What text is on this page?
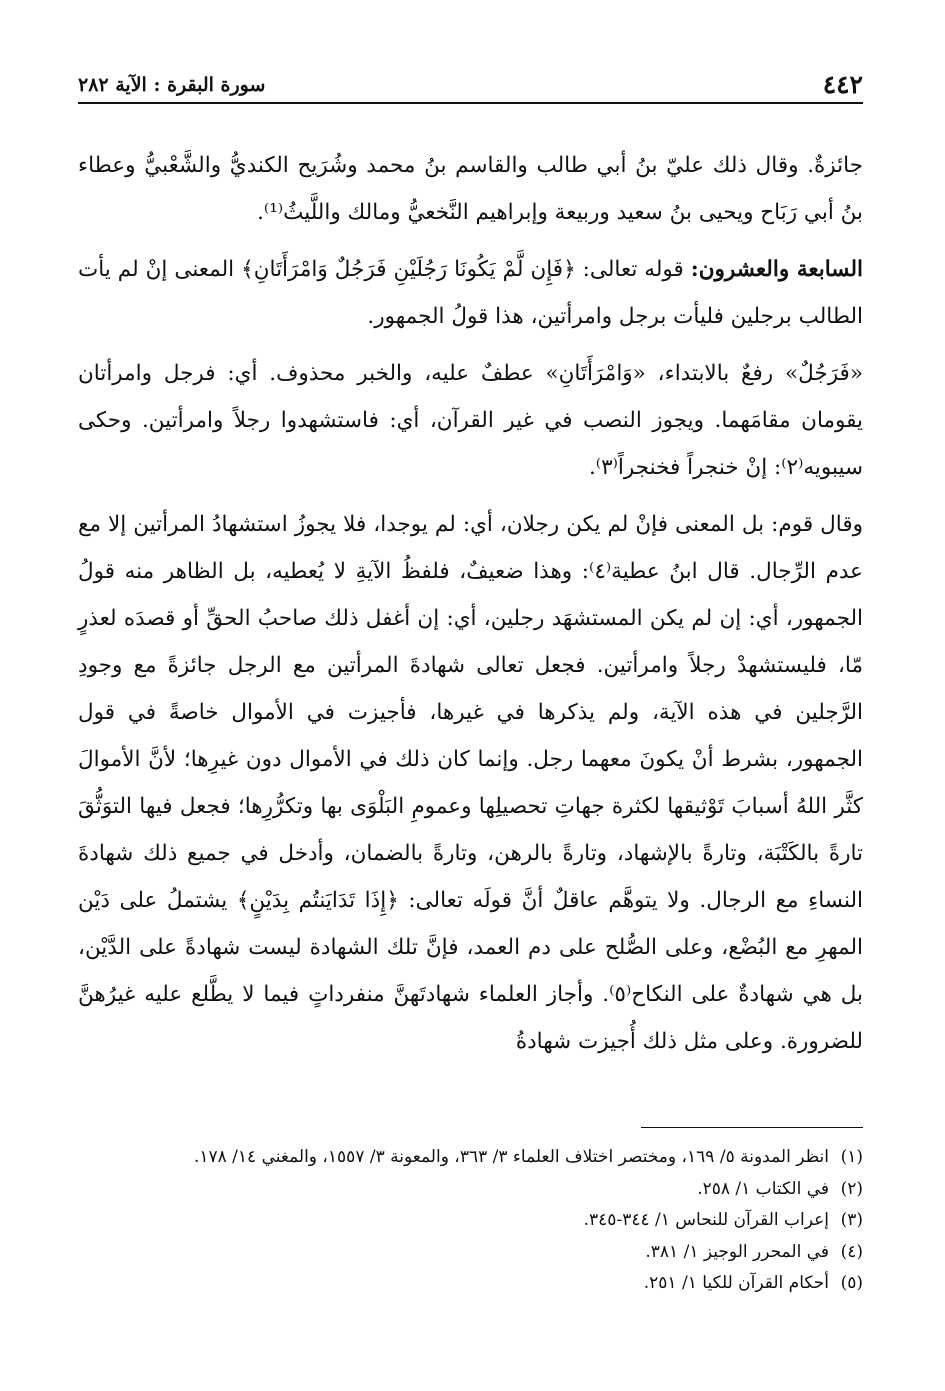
٤٤٢
سورة البقرة : الآية ٢٨٢

جائزةٌ. وقال ذلك عليّ بنُ أبي طالب والقاسم بنُ محمد وشُرَيح الكنديُّ والشَّعْبيُّ وعطاء بنُ أبي رَبَاح ويحيى بنُ سعيد وربيعة وإبراهيم النَّخعيُّ ومالك واللَّيثُ⁽¹⁾.

السابعة والعشرون: قوله تعالى: ﴿فَإِن لَّمْ يَكُونَا رَجُلَيْنِ فَرَجُلٌ وَامْرَأَتَانِ﴾ المعنى إنْ لم يأت الطالب برجلين فليأت برجل وامرأتين، هذا قولُ الجمهور.

«فَرَجُلٌ» رفعٌ بالابتداء، «وَامْرَأَتَانِ» عطفٌ عليه، والخبر محذوف. أي: فرجل وامرأتان يقومان مقامَهما. ويجوز النصب في غير القرآن، أي: فاستشهدوا رجلاً وامرأتين. وحكى سيبويه⁽٢⁾: إنْ خنجراً فخنجراً⁽٣⁾.

وقال قوم: بل المعنى فإنْ لم يكن رجلان، أي: لم يوجدا، فلا يجوزُ استشهادُ المرأتين إلا مع عدم الرِّجال. قال ابنُ عطية⁽٤⁾: وهذا ضعيفٌ، فلفظُ الآيةِ لا يُعطيه، بل الظاهر منه قولُ الجمهور، أي: إن لم يكن المستشهَد رجلين، أي: إن أغفل ذلك صاحبُ الحقِّ أو قصدَه لعذرٍ مّا، فليستشهدْ رجلاً وامرأتين. فجعل تعالى شهادةَ المرأتين مع الرجل جائزةً مع وجودِ الرَّجلين في هذه الآية، ولم يذكرها في غيرها، فأجيزت في الأموال خاصةً في قول الجمهور، بشرط أنْ يكونَ معهما رجل. وإنما كان ذلك في الأموال دون غيرِها؛ لأنَّ الأموالَ كثَّر اللهُ أسبابَ تَوْثيقها لكثرة جهاتِ تحصيلِها وعمومِ البَلْوَى بها وتكرُّرِها؛ فجعل فيها التوَثُّقَ تارةً بالكَتْبَة، وتارةً بالإشهاد، وتارةً بالرهن، وتارةً بالضمان، وأدخل في جميع ذلك شهادةَ النساءِ مع الرجال. ولا يتوهَّم عاقلٌ أنَّ قولَه تعالى: ﴿إِذَا تَدَايَنتُم بِدَيْنٍ﴾ يشتملُ على دَيْن المهرِ مع البُضْع، وعلى الصُّلح على دم العمد، فإنَّ تلك الشهادة ليست شهادةً على الدَّيْن، بل هي شهادةٌ على النكاح⁽٥⁾. وأجاز العلماء شهادتَهنَّ منفرداتٍ فيما لا يطَّلع عليه غيرُهنَّ للضرورة. وعلى مثل ذلك أُجيزت شهادةُ

(١)
انظر المدونة ٥/ ١٦٩، ومختصر اختلاف العلماء ٣/ ٣٦٣، والمعونة ٣/ ١٥٥٧، والمغني ١٤/ ١٧٨.
(٢)
في الكتاب ١/ ٢٥٨.
(٣)
إعراب القرآن للنحاس ١/ ٣٤٤-٣٤٥.
(٤)
في المحرر الوجيز ١/ ٣٨١.
(٥)
أحكام القرآن للكيا ١/ ٢٥١.
